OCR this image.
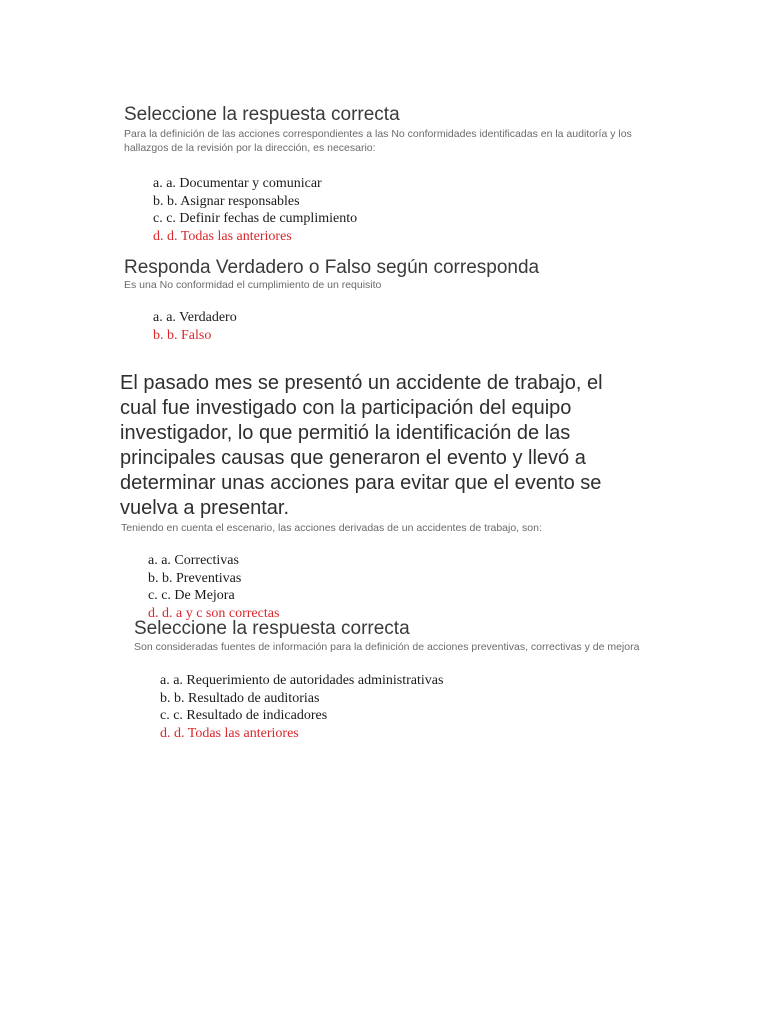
Seleccione la respuesta correcta

Para la definición de las acciones correspondientes a las No conformidades identificadas en la auditoría y los hallazgos de la revisión por la dirección, es necesario:

a. a. Documentar y comunicar
b. b. Asignar responsables
c. c. Definir fechas de cumplimiento
d. d. Todas las anteriores
Responda Verdadero o Falso según corresponda

Es una No conformidad el cumplimiento de un requisito

a. a. Verdadero
b. b. Falso
El pasado mes se presentó un accidente de trabajo, el cual fue investigado con la participación del equipo investigador, lo que permitió la identificación de las principales causas que generaron el evento y llevó a determinar unas acciones para evitar que el evento se vuelva a presentar.

Teniendo en cuenta el escenario, las acciones derivadas de un accidentes de trabajo, son:

a. a. Correctivas
b. b. Preventivas
c. c. De Mejora
d. d. a y c son correctas
Seleccione la respuesta correcta

Son consideradas fuentes de información para la definición de acciones preventivas, correctivas y de mejora

a. a. Requerimiento de autoridades administrativas
b. b. Resultado de auditorias
c. c. Resultado de indicadores
d. d. Todas las anteriores
